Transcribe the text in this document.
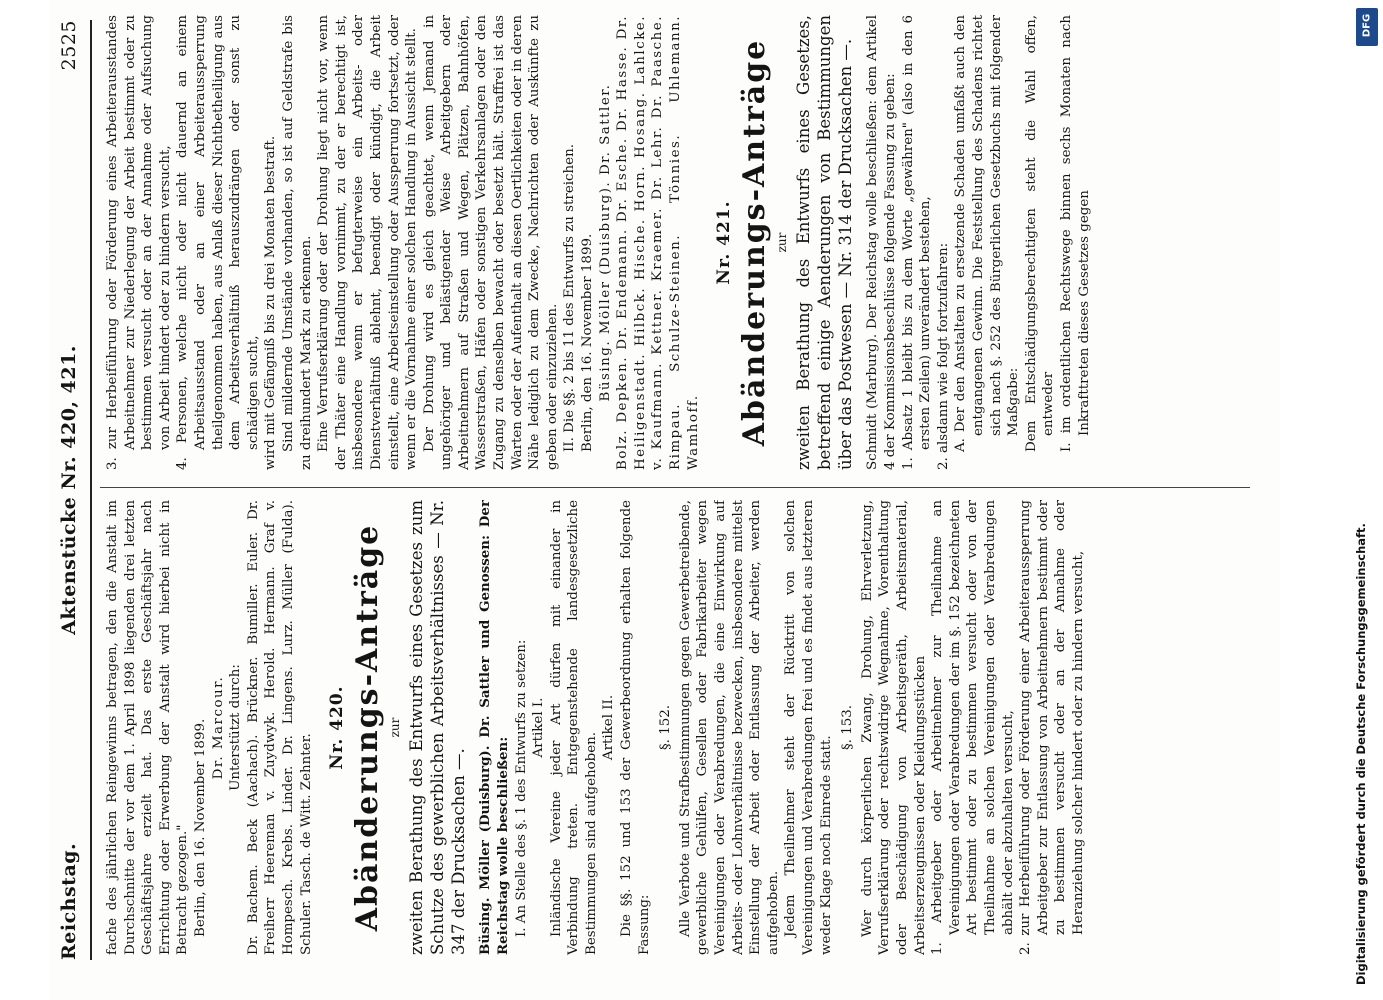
Reichstag.
Aktenstücke Nr. 420, 421.
2525

fache des jährlichen Reingewinns betragen, den die Anstalt im Durchschnitte der vor dem 1. April 1898 liegenden drei letzten Geschäftsjahre erzielt hat. Das erste Geschäftsjahr nach Errichtung oder Erwerbung der Anstalt wird hierbei nicht in Betracht gezogen." Berlin, den 16. November 1899. Dr. Marcour. Unterstützt durch: Dr. Bachem. Beck (Aachach). Brückner. Bumiller. Euler. Dr. Freiherr Heereman v. Zuydwyk. Herold. Hermann. Graf v. Hompesch. Krebs. Linder. Dr. Lingens. Lurz. Müller (Fulda). Schuler. Tasch. de Witt. Zehnter.

Nr. 420. Abänderungs-Anträge zur zweiten Berathung des Entwurfs eines Gesetzes zum Schutze des gewerblichen Arbeitsverhältnisses — Nr. 347 der Drucksachen —. Büsing. Möller (Duisburg). Dr. Sattler und Genossen: Der Reichstag wolle beschließen: I. An Stelle des §. 1 des Entwurfs zu setzen: Artikel I. Inländische Vereine jeder Art dürfen mit einander in Verbindung treten. Entgegenstehende landesgesetzliche Bestimmungen sind aufgehoben.

Artikel II. Die §§. 152 und 153 der Gewerbeordnung erhalten folgende Fassung:

§. 152. Alle Verbote und Strafbestimmungen gegen Gewerbetreibende, gewerbliche Gehülfen, Gesellen oder Fabrikarbeiter wegen Vereinigungen oder Verabredungen, die eine Einwirkung auf Arbeits- oder Lohnverhältnisse bezwecken, insbesondere mittelst Einstellung der Arbeit oder Entlassung der Arbeiter, werden aufgehoben. Jedem Theilnehmer steht der Rücktritt von solchen Vereinigungen und Verabredungen frei und es findet aus letzteren weder Klage noch Einrede statt.

§. 153. Wer durch körperlichen Zwang, Drohung, Ehrverletzung, Verrufserklärung oder rechtswidrige Wegnahme, Vorenthaltung oder Beschädigung von Arbeitsgeräth, Arbeitsmaterial, Arbeitserzeugnissen oder Kleidungsstücken 1. Arbeitgeber oder Arbeitnehmer zur Theilnahme an Vereinigungen oder Verabredungen der im §. 152 bezeichneten Art bestimmt oder zu bestimmen versucht oder von der Theilnahme an solchen Vereinigungen oder Verabredungen abhält oder abzuhalten versucht, 2. zur Herbeiführung oder Förderung einer Arbeiteraussperrung Arbeitgeber zur Entlassung von Arbeitnehmern bestimmt oder zu bestimmen versucht oder an der Annahme oder Heranziehung solcher hindert oder zu hindern versucht,

3. zur Herbeiführung oder Förderung eines Arbeiterausstandes Arbeitnehmer zur Niederlegung der Arbeit bestimmt oder zu bestimmen versucht oder an der Annahme oder Aufsuchung von Arbeit hindert oder zu hindern versucht, 4. Personen, welche nicht oder nicht dauernd an einem Arbeitsausstand oder an einer Arbeiteraussperrung theilgenommen haben, aus Anlaß dieser Nichtbetheiligung aus dem Arbeitsverhältniß herauszudrängen oder sonst zu schädigen sucht, wird mit Gefängniß bis zu drei Monaten bestraft. Sind mildernde Umstände vorhanden, so ist auf Geldstrafe bis zu dreihundert Mark zu erkennen. Eine Verrufserklärung oder der Drohung liegt nicht vor, wenn der Thäter eine Handlung vornimmt, zu der er berechtigt ist, insbesondere wenn er befugterweise ein Arbeits- oder Dienstverhältniß ablehnt, beendigt oder kündigt, die Arbeit einstellt, eine Arbeitseinstellung oder Aussperrung fortsetzt, oder wenn er die Vornahme einer solchen Handlung in Aussicht stellt. Der Drohung wird es gleich geachtet, wenn Jemand in ungehöriger und belästigender Weise Arbeitgebern oder Arbeitnehmern auf Straßen und Wegen, Plätzen, Bahnhöfen, Wasserstraßen, Häfen oder sonstigen Verkehrsanlagen oder den Zugang zu denselben bewacht oder besetzt hält. Straffrei ist das Warten oder der Aufenthalt an diesen Oertlichkeiten oder in deren Nähe lediglich zu dem Zwecke, Nachrichten oder Auskünfte zu geben oder einzuziehen. II. Die §§. 2 bis 11 des Entwurfs zu streichen. Berlin, den 16. November 1899. Büsing. Möller (Duisburg). Dr. Sattler. Bolz. Depken. Dr. Endemann. Dr. Esche. Dr. Hasse. Dr. Heiligenstadt. Hilbck. Hische. Horn. Hosang. Lahlcke. v. Kaufmann. Kettner. Kraemer. Dr. Lehr. Dr. Paasche. Rimpau. Schulze-Steinen. Tönnies. Uhlemann. Wamhoff.

Nr. 421. Abänderungs-Anträge zur zweiten Berathung des Entwurfs eines Gesetzes, betreffend einige Aenderungen von Bestimmungen über das Postwesen — Nr. 314 der Drucksachen —. Schmidt (Marburg). Der Reichstag wolle beschließen: dem Artikel 4 der Kommissionsbeschlüsse folgende Fassung zu geben: 1. Absatz 1 bleibt bis zu dem Worte „gewähren" (also in den 6 ersten Zeilen) unverändert bestehen, 2. alsdann wie folgt fortzufahren: A. Der den Anstalten zu ersetzende Schaden umfaßt auch den entgangenen Gewinn. Die Feststellung des Schadens richtet sich nach §. 252 des Bürgerlichen Gesetzbuchs mit folgender Maßgabe: Dem Entschädigungsberechtigten steht die Wahl offen, entweder I. im ordentlichen Rechtswege binnen sechs Monaten nach Inkrafttreten dieses Gesetzes gegen

Digitalisierung gefördert durch die Deutsche Forschungsgemeinschaft.
DFG
